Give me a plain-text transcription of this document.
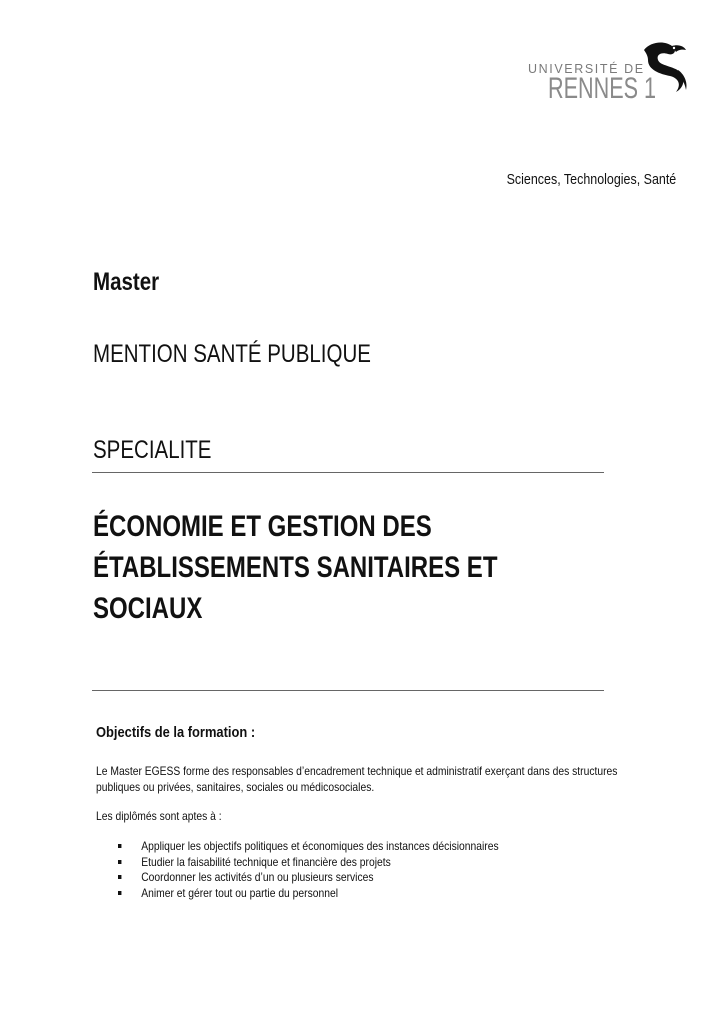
UNIVERSITÉ DE
RENNES 1
Sciences, Technologies, Santé
Master
MENTION SANTÉ PUBLIQUE
SPECIALITE
ÉCONOMIE ET GESTION DES
ÉTABLISSEMENTS SANITAIRES ET
SOCIAUX
Objectifs de la formation :
Le Master EGESS forme des responsables d’encadrement technique et administratif exerçant dans des structures
publiques ou privées, sanitaires, sociales ou médicosociales.
Les diplômés sont aptes à :
Appliquer les objectifs politiques et économiques des instances décisionnaires
Etudier la faisabilité technique et financière des projets
Coordonner les activités d’un ou plusieurs services
Animer et gérer tout ou partie du personnel
